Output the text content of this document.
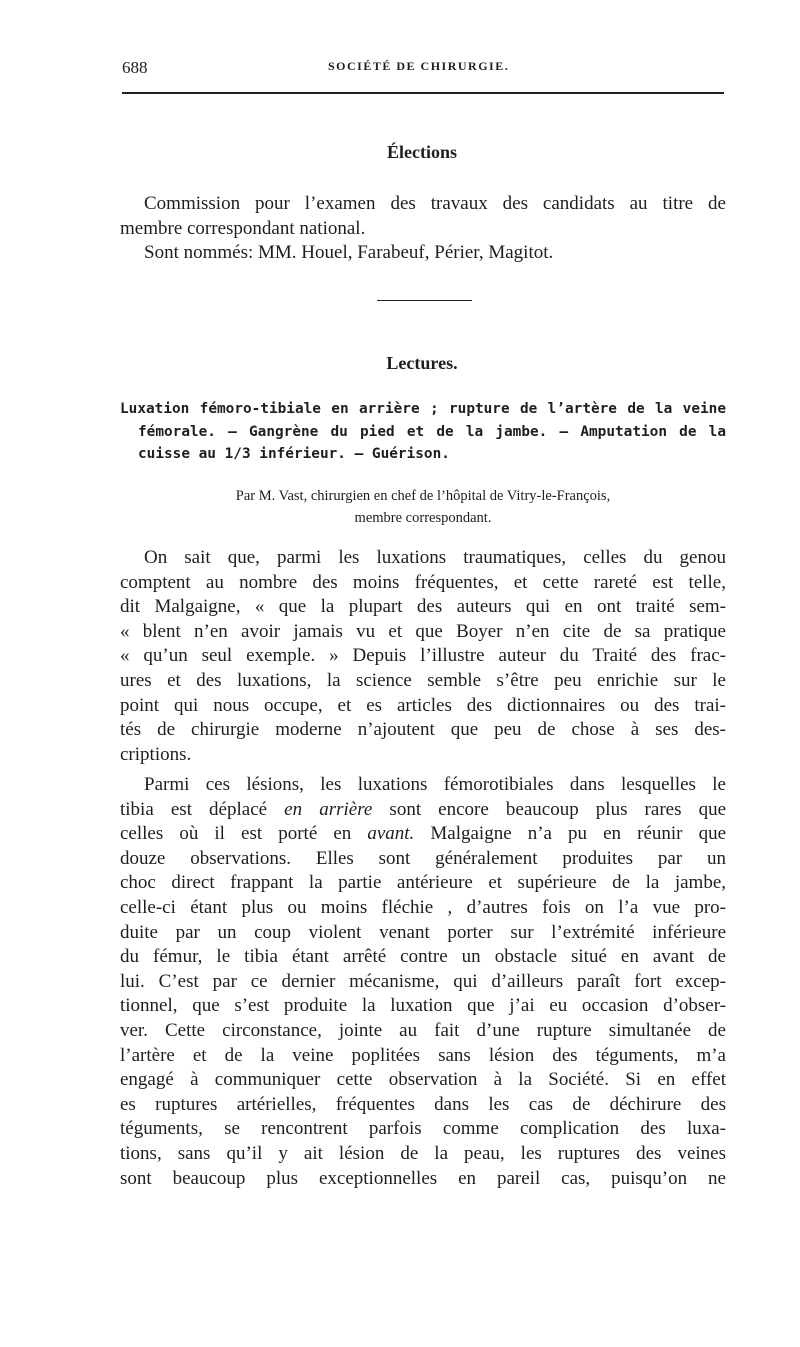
688	SOCIÉTÉ DE CHIRURGIE.
Élections

Commission pour l’examen des travaux des candidats au titre de
membre correspondant national.
Sont nommés: MM. Houel, Farabeuf, Périer, Magitot.

Lectures.
Luxation fémoro-tibiale en arrière ; rupture de l’artère de la veine
fémorale. — Gangrène du pied et de la jambe. — Amputation de la
cuisse au 1/3 inférieur. — Guérison.
Par M. Vast, chirurgien en chef de l’hôpital de Vitry-le-François,
membre correspondant.

On sait que, parmi les luxations traumatiques, celles du genou
comptent au nombre des moins fréquentes, et cette rareté est telle,
dit Malgaigne, « que la plupart des auteurs qui en ont traité sem-
« blent n’en avoir jamais vu et que Boyer n’en cite de sa pratique
« qu’un seul exemple. » Depuis l’illustre auteur du Traité des frac-
ures et des luxations, la science semble s’être peu enrichie sur le
point qui nous occupe, et es articles des dictionnaires ou des trai-
tés de chirurgie moderne n’ajoutent que peu de chose à ses des-
criptions.

Parmi ces lésions, les luxations fémorotibiales dans lesquelles le
tibia est déplacé en arrière sont encore beaucoup plus rares que
celles où il est porté en avant. Malgaigne n’a pu en réunir que
douze observations. Elles sont généralement produites par un
choc direct frappant la partie antérieure et supérieure de la jambe,
celle-ci étant plus ou moins fléchie , d’autres fois on l’a vue pro-
duite par un coup violent venant porter sur l’extrémité inférieure
du fémur, le tibia étant arrêté contre un obstacle situé en avant de
lui. C’est par ce dernier mécanisme, qui d’ailleurs paraît fort excep-
tionnel, que s’est produite la luxation que j’ai eu occasion d’obser-
ver. Cette circonstance, jointe au fait d’une rupture simultanée de
l’artère et de la veine poplitées sans lésion des téguments, m’a
engagé à communiquer cette observation à la Société. Si en effet
es ruptures artérielles, fréquentes dans les cas de déchirure des
téguments, se rencontrent parfois comme complication des luxa-
tions, sans qu’il y ait lésion de la peau, les ruptures des veines
sont beaucoup plus exceptionnelles en pareil cas, puisqu’on ne
